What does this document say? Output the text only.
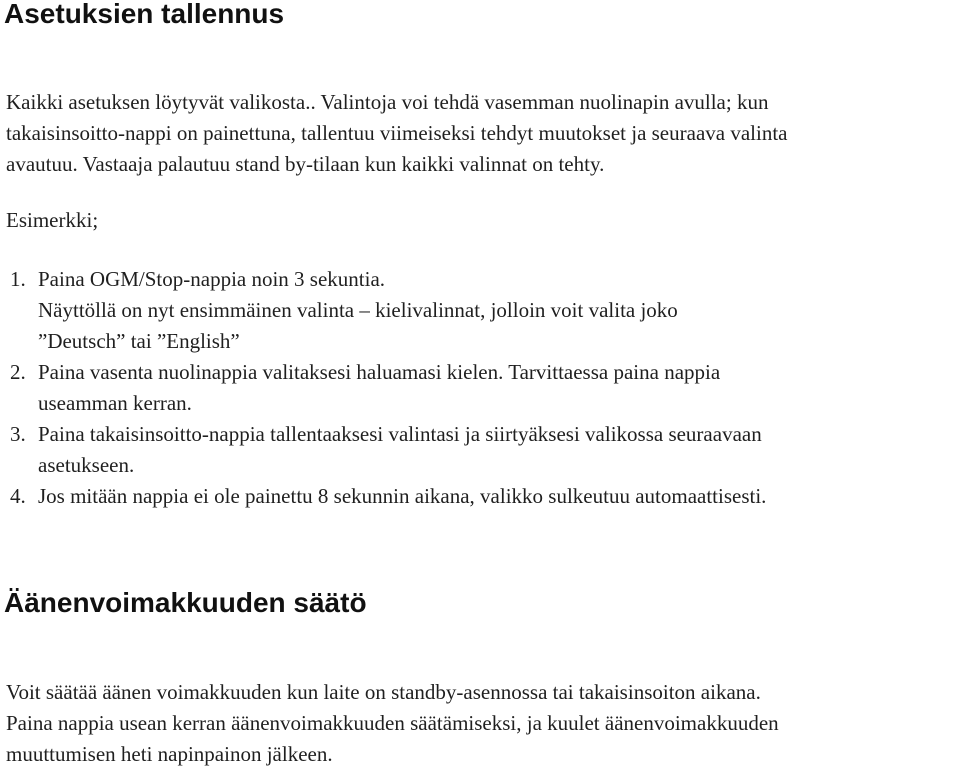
Asetuksien tallennus

Kaikki asetuksen löytyvät valikosta.. Valintoja voi tehdä vasemman nuolinapin avulla; kun
takaisinsoitto-nappi on painettuna, tallentuu viimeiseksi tehdyt muutokset ja seuraava valinta
avautuu. Vastaaja palautuu stand by-tilaan kun kaikki valinnat on tehty.

Esimerkki;

1. Paina OGM/Stop-nappia noin 3 sekuntia.
Näyttöllä on nyt ensimmäinen valinta – kielivalinnat, jolloin voit valita joko
”Deutsch” tai ”English”
2. Paina vasenta nuolinappia valitaksesi haluamasi kielen. Tarvittaessa paina nappia
useamman kerran.
3. Paina takaisinsoitto-nappia tallentaaksesi valintasi ja siirtyäksesi valikossa seuraavaan
asetukseen.
4. Jos mitään nappia ei ole painettu 8 sekunnin aikana, valikko sulkeutuu automaattisesti.
Äänenvoimakkuuden säätö

Voit säätää äänen voimakkuuden kun laite on standby-asennossa tai takaisinsoiton aikana.
Paina nappia usean kerran äänenvoimakkuuden säätämiseksi, ja kuulet äänenvoimakkuuden
muuttumisen heti napinpainon jälkeen.
